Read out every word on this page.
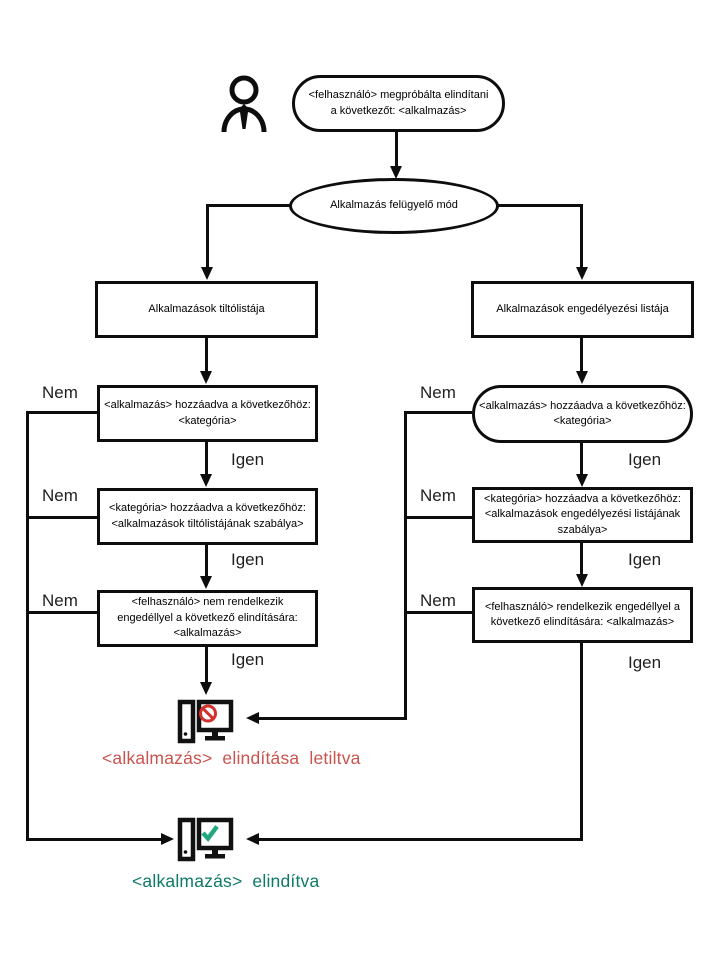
<felhasználó> megpróbálta elindítani
a következőt: <alkalmazás>
Alkalmazás felügyelő mód
Alkalmazások tiltólistája	Alkalmazások engedélyezési listája
<alkalmazás> hozzáadva a következőhöz:
<kategória>
<alkalmazás> hozzáadva a következőhöz:
<kategória>
Nem	Nem
Igen	Igen
<kategória> hozzáadva a következőhöz:
<alkalmazások tiltólistájának szabálya>
<kategória> hozzáadva a következőhöz:
<alkalmazások engedélyezési listájának
szabálya>
Nem	Nem
Igen	Igen
<felhasználó> nem rendelkezik
engedéllyel a következő elindítására:
<alkalmazás>
<felhasználó> rendelkezik engedéllyel a
következő elindítására: <alkalmazás>
Nem	Nem
Igen	Igen
<alkalmazás> elindítása letiltva
<alkalmazás> elindítva
